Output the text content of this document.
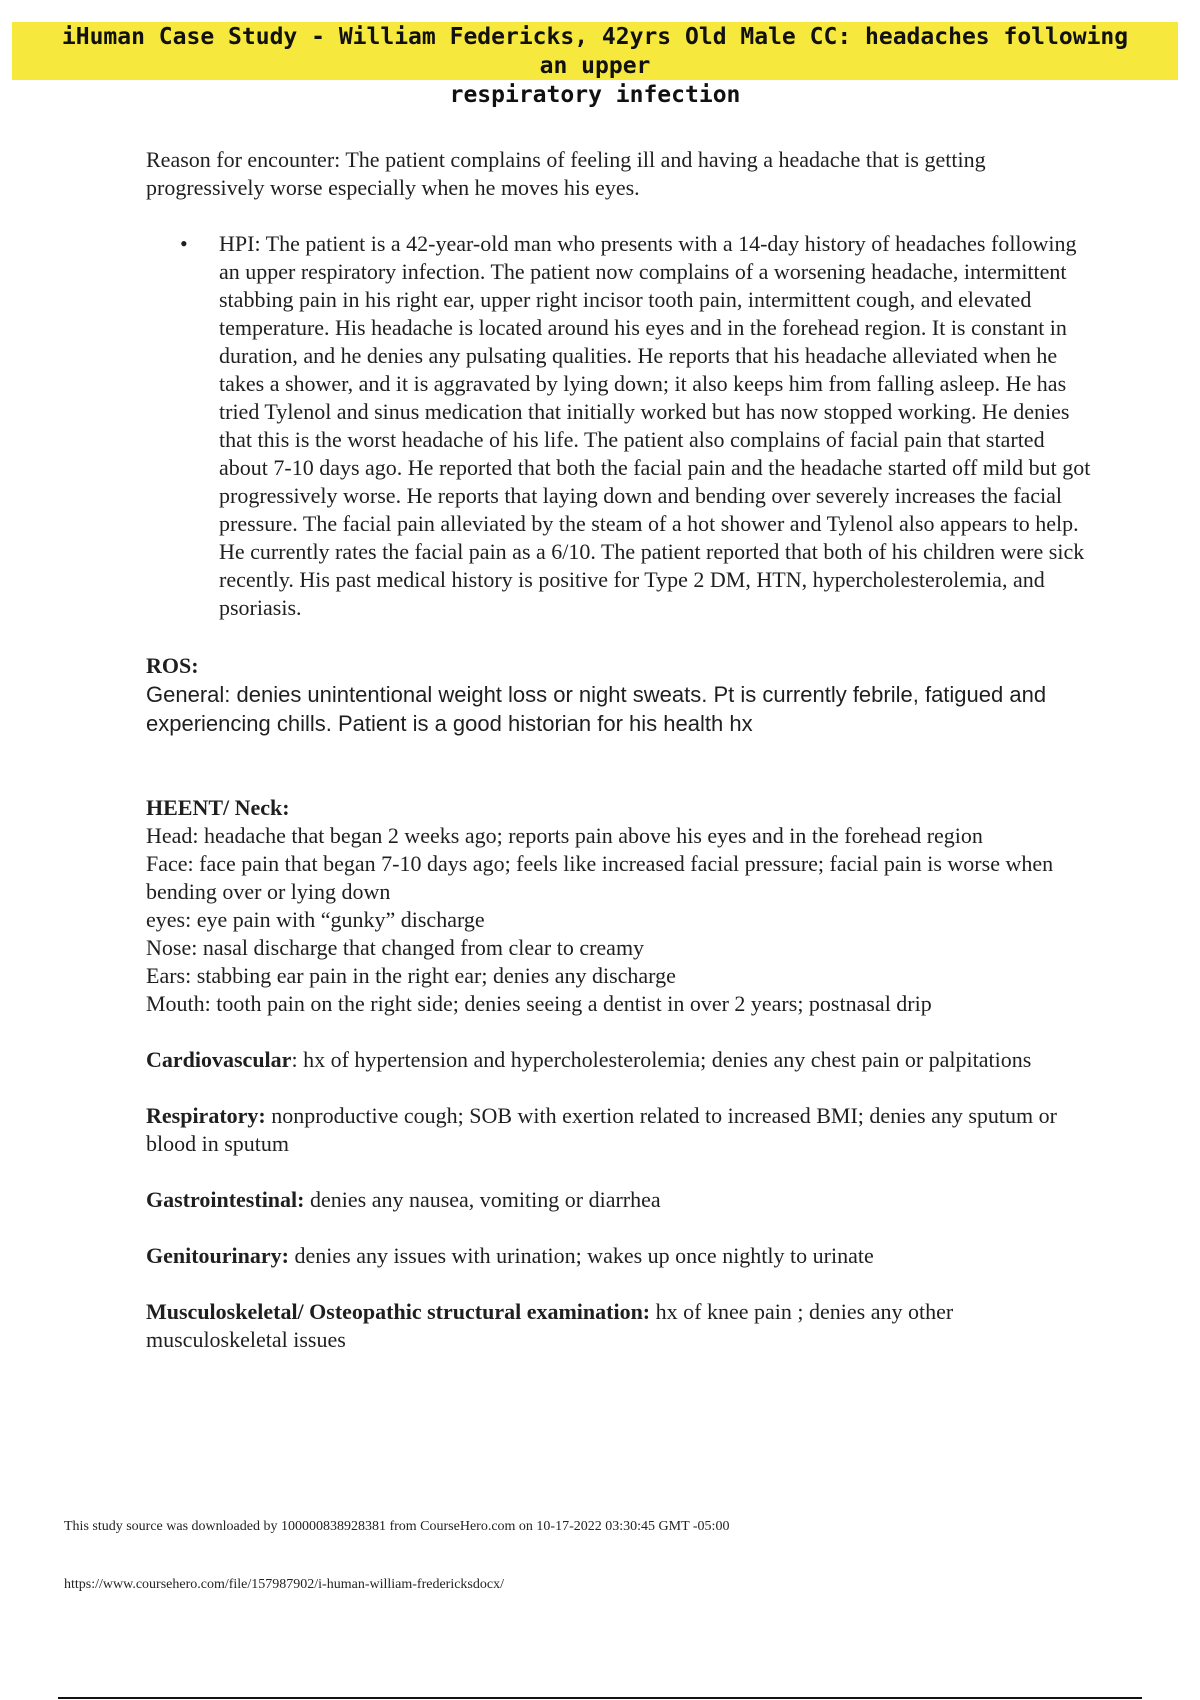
iHuman Case Study - William Federicks, 42yrs Old Male CC: headaches following an upper
respiratory infection

Reason for encounter: The patient complains of feeling ill and having a headache that is getting progressively worse especially when he moves his eyes.

• HPI: The patient is a 42-year-old man who presents with a 14-day history of headaches following an upper respiratory infection. The patient now complains of a worsening headache, intermittent stabbing pain in his right ear, upper right incisor tooth pain, intermittent cough, and elevated temperature. His headache is located around his eyes and in the forehead region. It is constant in duration, and he denies any pulsating qualities. He reports that his headache alleviated when he takes a shower, and it is aggravated by lying down; it also keeps him from falling asleep. He has tried Tylenol and sinus medication that initially worked but has now stopped working. He denies that this is the worst headache of his life. The patient also complains of facial pain that started about 7-10 days ago. He reported that both the facial pain and the headache started off mild but got progressively worse. He reports that laying down and bending over severely increases the facial pressure. The facial pain alleviated by the steam of a hot shower and Tylenol also appears to help. He currently rates the facial pain as a 6/10. The patient reported that both of his children were sick recently. His past medical history is positive for Type 2 DM, HTN, hypercholesterolemia, and psoriasis.

ROS:

General: denies unintentional weight loss or night sweats. Pt is currently febrile, fatigued and experiencing chills. Patient is a good historian for his health hx

HEENT/ Neck:

Head: headache that began 2 weeks ago; reports pain above his eyes and in the forehead region

Face: face pain that began 7-10 days ago; feels like increased facial pressure; facial pain is worse when bending over or lying down

eyes: eye pain with “gunky” discharge

Nose: nasal discharge that changed from clear to creamy

Ears: stabbing ear pain in the right ear; denies any discharge

Mouth: tooth pain on the right side; denies seeing a dentist in over 2 years; postnasal drip

Cardiovascular: hx of hypertension and hypercholesterolemia; denies any chest pain or palpitations

Respiratory: nonproductive cough; SOB with exertion related to increased BMI; denies any sputum or blood in sputum

Gastrointestinal: denies any nausea, vomiting or diarrhea

Genitourinary: denies any issues with urination; wakes up once nightly to urinate

Musculoskeletal/ Osteopathic structural examination: hx of knee pain ; denies any other musculoskeletal issues

This study source was downloaded by 100000838928381 from CourseHero.com on 10-17-2022 03:30:45 GMT -05:00
https://www.coursehero.com/file/157987902/i-human-william-fredericksdocx/
